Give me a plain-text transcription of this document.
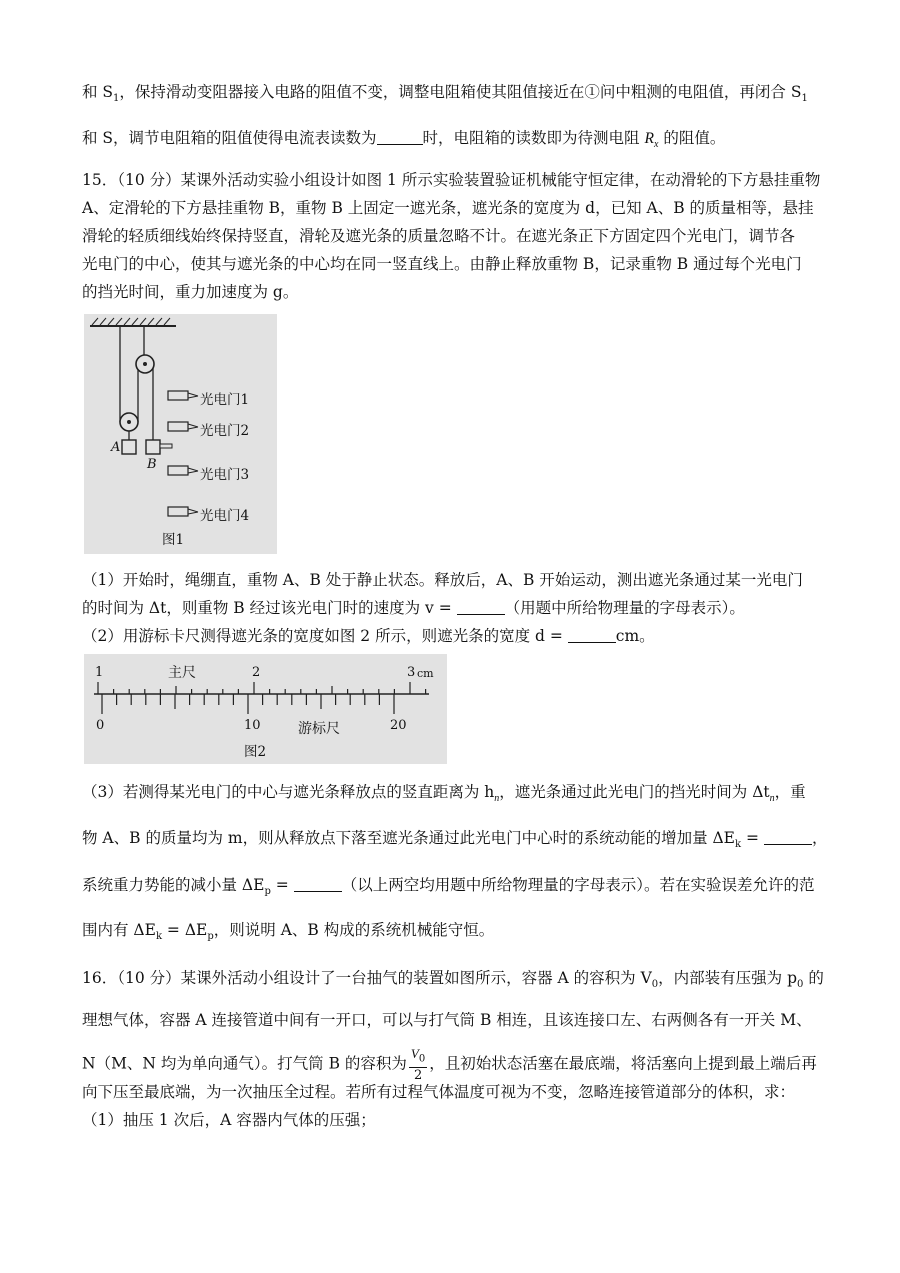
和 $S_1$，保持滑动变阻器接入电路的阻值不变，调整电阻箱使其阻值接近在①问中粗测的电阻值，再闭合 $S_1$
和 S，调节电阻箱的阻值使得电流表读数为	时，电阻箱的读数即为待测电阻 $R_x$ 的阻值。
15．（10 分）某课外活动实验小组设计如图 1 所示实验装置验证机械能守恒定律，在动滑轮的下方悬挂重物
A、定滑轮的下方悬挂重物 B，重物 B 上固定一遮光条，遮光条的宽度为 d，已知 A、B 的质量相等，悬挂
滑轮的轻质细线始终保持竖直，滑轮及遮光条的质量忽略不计。在遮光条正下方固定四个光电门，调节各
光电门的中心，使其与遮光条的中心均在同一竖直线上。由静止释放重物 B，记录重物 B 通过每个光电门
的挡光时间，重力加速度为 g。
A
B
光电门1
光电门2
光电门3
光电门4
图1
（1）开始时，绳绷直，重物 A、B 处于静止状态。释放后，A、B 开始运动，测出遮光条通过某一光电门
的时间为 Δt，则重物 B 经过该光电门时的速度为 v =	（用题中所给物理量的字母表示）。
（2）用游标卡尺测得遮光条的宽度如图 2 所示，则遮光条的宽度 d =	cm。
1	2	3 cm
主尺
0	10	20
游标尺
图2
（3）若测得某光电门的中心与遮光条释放点的竖直距离为 $h_n$，遮光条通过此光电门的挡光时间为 $\Delta t_n$，重
物 A、B 的质量均为 m，则从释放点下落至遮光条通过此光电门中心时的系统动能的增加量 $\Delta E_k$ =	，
系统重力势能的减小量 $\Delta E_p$ =	（以上两空均用题中所给物理量的字母表示）。若在实验误差允许的范
围内有 $\Delta E_k = \Delta E_p$，则说明 A、B 构成的系统机械能守恒。
16．（10 分）某课外活动小组设计了一台抽气的装置如图所示，容器 A 的容积为 $V_0$，内部装有压强为 $p_0$ 的
理想气体，容器 A 连接管道中间有一开口，可以与打气筒 B 相连，且该连接口左、右两侧各有一开关 M、
N（M、N 均为单向通气）。打气筒 B 的容积为 $\frac{V_0}{2}$ ，且初始状态活塞在最底端，将活塞向上提到最上端后再
向下压至最底端，为一次抽压全过程。若所有过程气体温度可视为不变，忽略连接管道部分的体积，求：
（1）抽压 1 次后，A 容器内气体的压强；
